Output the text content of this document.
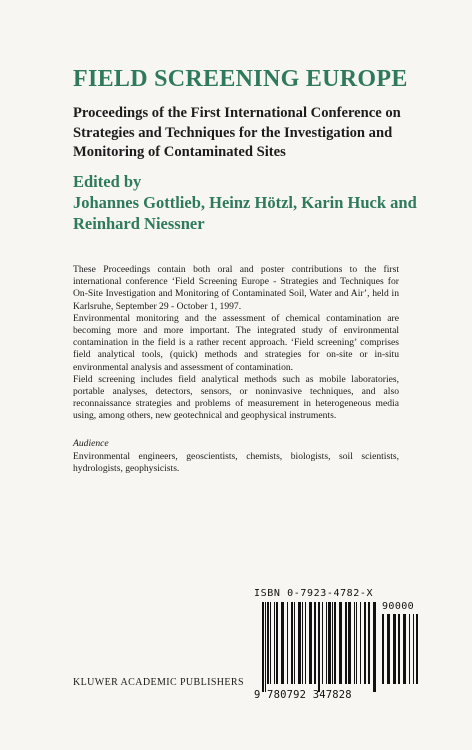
FIELD SCREENING EUROPE
Proceedings of the First International Conference on Strategies and Techniques for the Investigation and Monitoring of Contaminated Sites
Edited by
Johannes Gottlieb, Heinz Hötzl, Karin Huck and
Reinhard Niessner

These Proceedings contain both oral and poster contributions to the first international conference ‘Field Screening Europe - Strategies and Techniques for On-Site Investigation and Monitoring of Contaminated Soil, Water and Air’, held in Karlsruhe, September 29 - October 1, 1997.

Environmental monitoring and the assessment of chemical contamination are becoming more and more important. The integrated study of environmental contamination in the field is a rather recent approach. ‘Field screening’ comprises field analytical tools, (quick) methods and strategies for on-site or in-situ environmental analysis and assessment of contamination.

Field screening includes field analytical methods such as mobile laboratories, portable analyses, detectors, sensors, or noninvasive techniques, and also reconnaissance strategies and problems of measurement in heterogeneous media using, among others, new geotechnical and geophysical instruments.

Audience
Environmental engineers, geoscientists, chemists, biologists, soil scientists, hydrologists, geophysicists.
ISBN 0-7923-4782-X
90000
9 780792 347828
KLUWER ACADEMIC PUBLISHERS
